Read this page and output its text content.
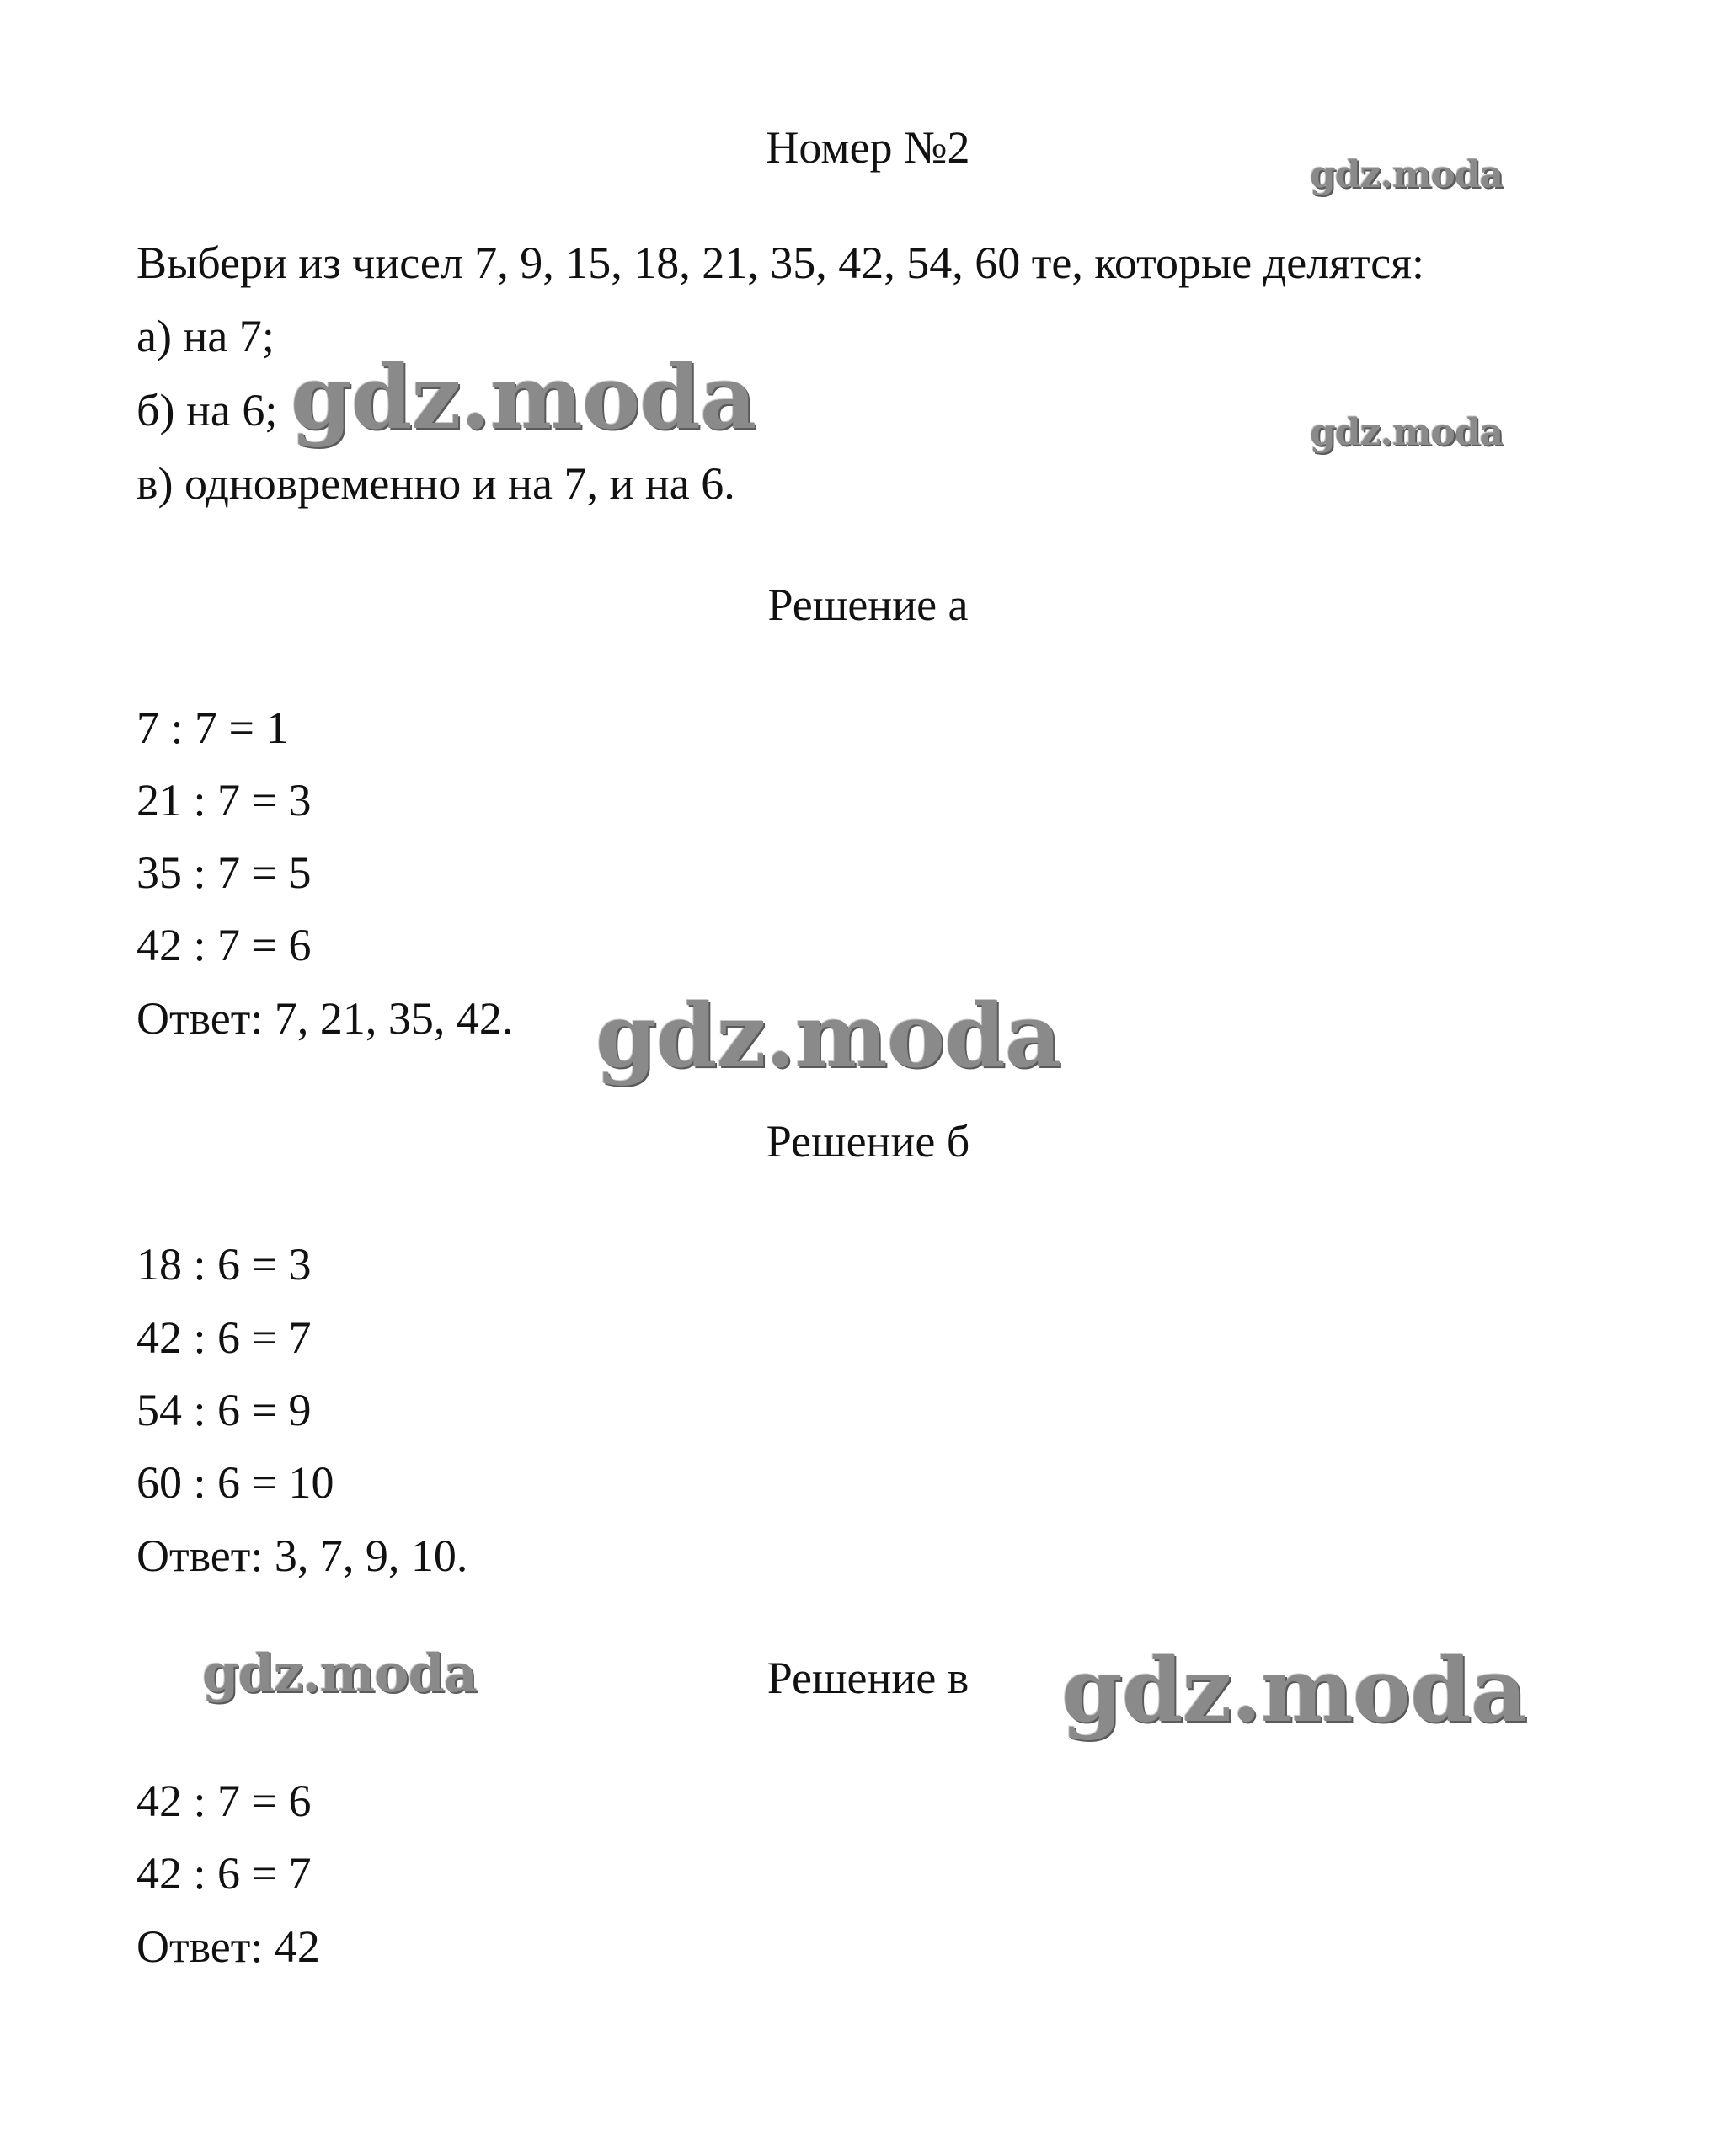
Номер №2
Выбери из чисел 7, 9, 15, 18, 21, 35, 42, 54, 60 те, которые делятся:
а) на 7;
б) на 6;
в) одновременно и на 7, и на 6.
Решение а
7 : 7 = 1
21 : 7 = 3
35 : 7 = 5
42 : 7 = 6
Ответ: 7, 21, 35, 42.
Решение б
18 : 6 = 3
42 : 6 = 7
54 : 6 = 9
60 : 6 = 10
Ответ: 3, 7, 9, 10.
Решение в
42 : 7 = 6
42 : 6 = 7
Ответ: 42
gdz.moda
gdz.moda	gdz.moda
gdz.moda
gdz.moda	gdz.moda
